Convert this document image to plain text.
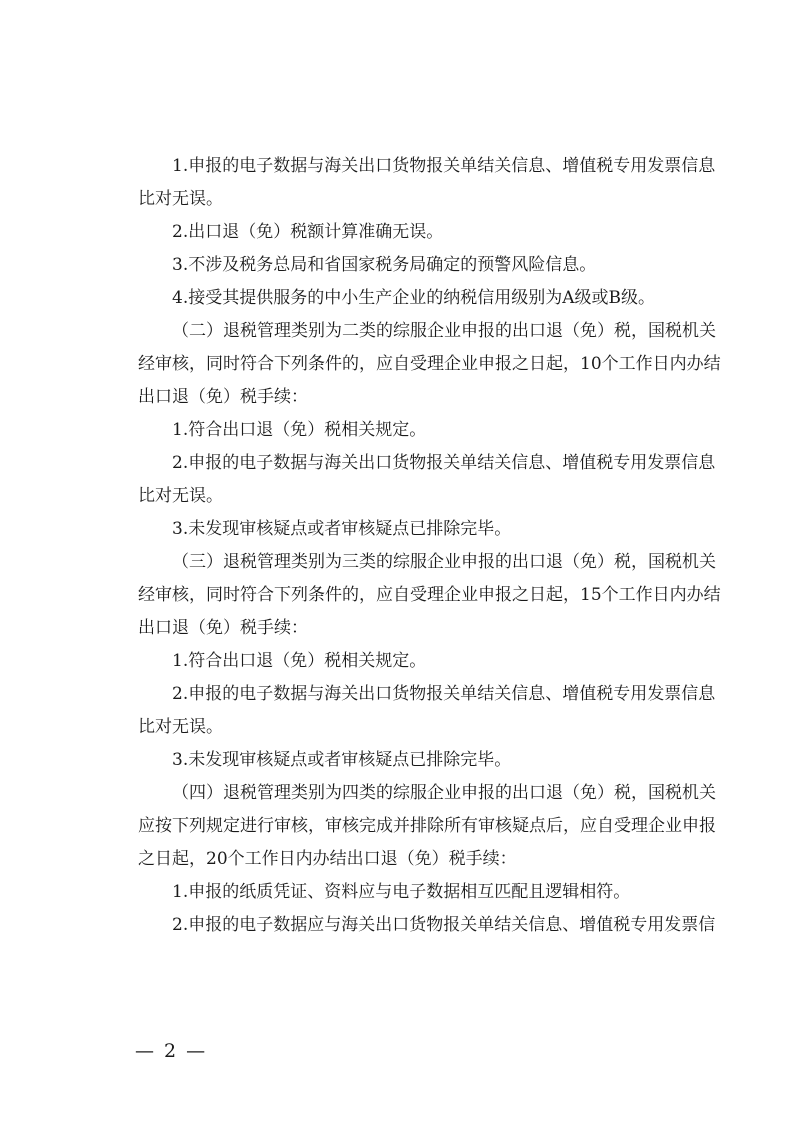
1.申报的电子数据与海关出口货物报关单结关信息、增值税专用发票信息
比对无误。
2.出口退（免）税额计算准确无误。
3.不涉及税务总局和省国家税务局确定的预警风险信息。
4.接受其提供服务的中小生产企业的纳税信用级别为A级或B级。
（二）退税管理类别为二类的综服企业申报的出口退（免）税，国税机关
经审核，同时符合下列条件的，应自受理企业申报之日起，10个工作日内办结
出口退（免）税手续：
1.符合出口退（免）税相关规定。
2.申报的电子数据与海关出口货物报关单结关信息、增值税专用发票信息
比对无误。
3.未发现审核疑点或者审核疑点已排除完毕。
（三）退税管理类别为三类的综服企业申报的出口退（免）税，国税机关
经审核，同时符合下列条件的，应自受理企业申报之日起，15个工作日内办结
出口退（免）税手续：
1.符合出口退（免）税相关规定。
2.申报的电子数据与海关出口货物报关单结关信息、增值税专用发票信息
比对无误。
3.未发现审核疑点或者审核疑点已排除完毕。
（四）退税管理类别为四类的综服企业申报的出口退（免）税，国税机关
应按下列规定进行审核，审核完成并排除所有审核疑点后，应自受理企业申报
之日起，20个工作日内办结出口退（免）税手续：
1.申报的纸质凭证、资料应与电子数据相互匹配且逻辑相符。
2.申报的电子数据应与海关出口货物报关单结关信息、增值税专用发票信
— 2 —
